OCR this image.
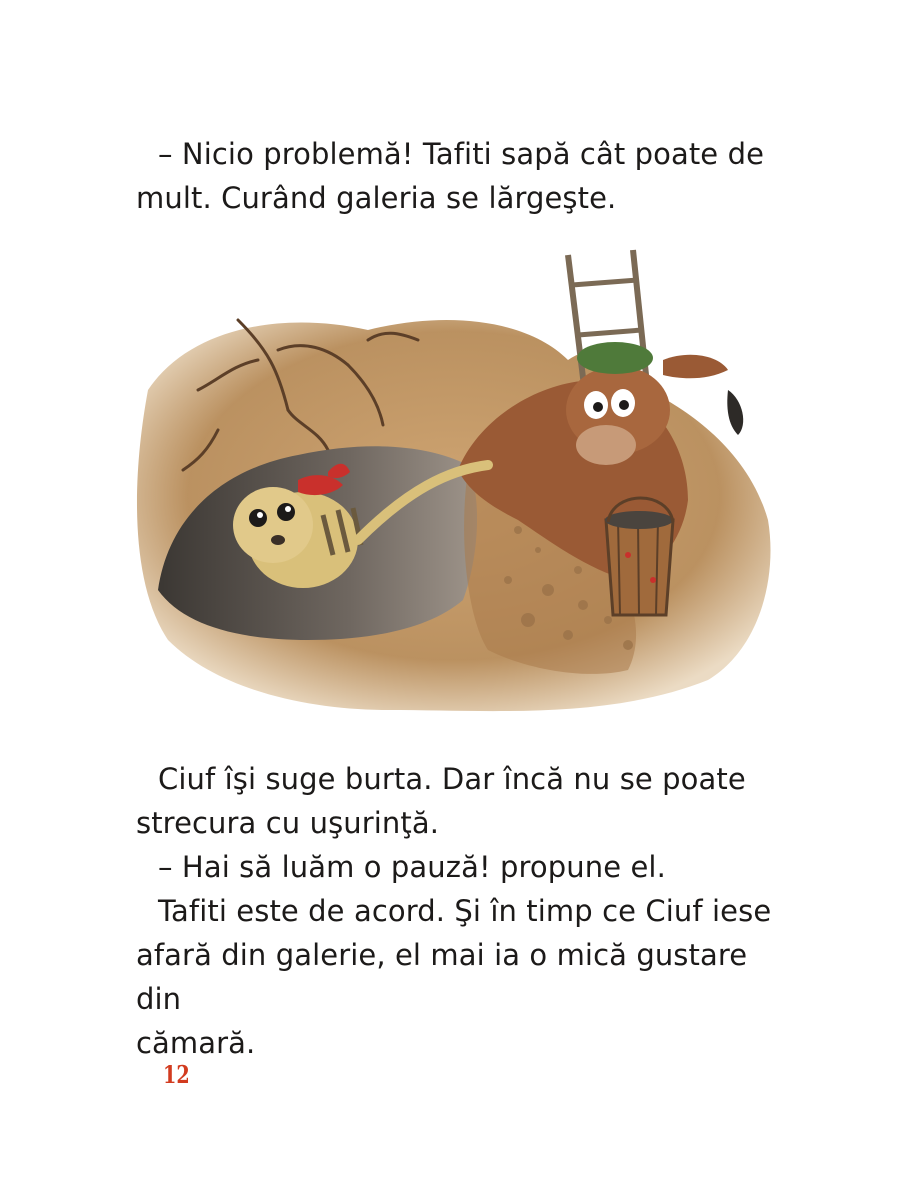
– Nicio problemă! Tafiti sapă cât poate de
mult. Curând galeria se lărgeşte.

Ciuf îşi suge burta. Dar încă nu se poate
strecura cu uşurinţă.

– Hai să luăm o pauză! propune el.

Tafiti este de acord. Şi în timp ce Ciuf iese
afară din galerie, el mai ia o mică gustare din
cămară.

12
